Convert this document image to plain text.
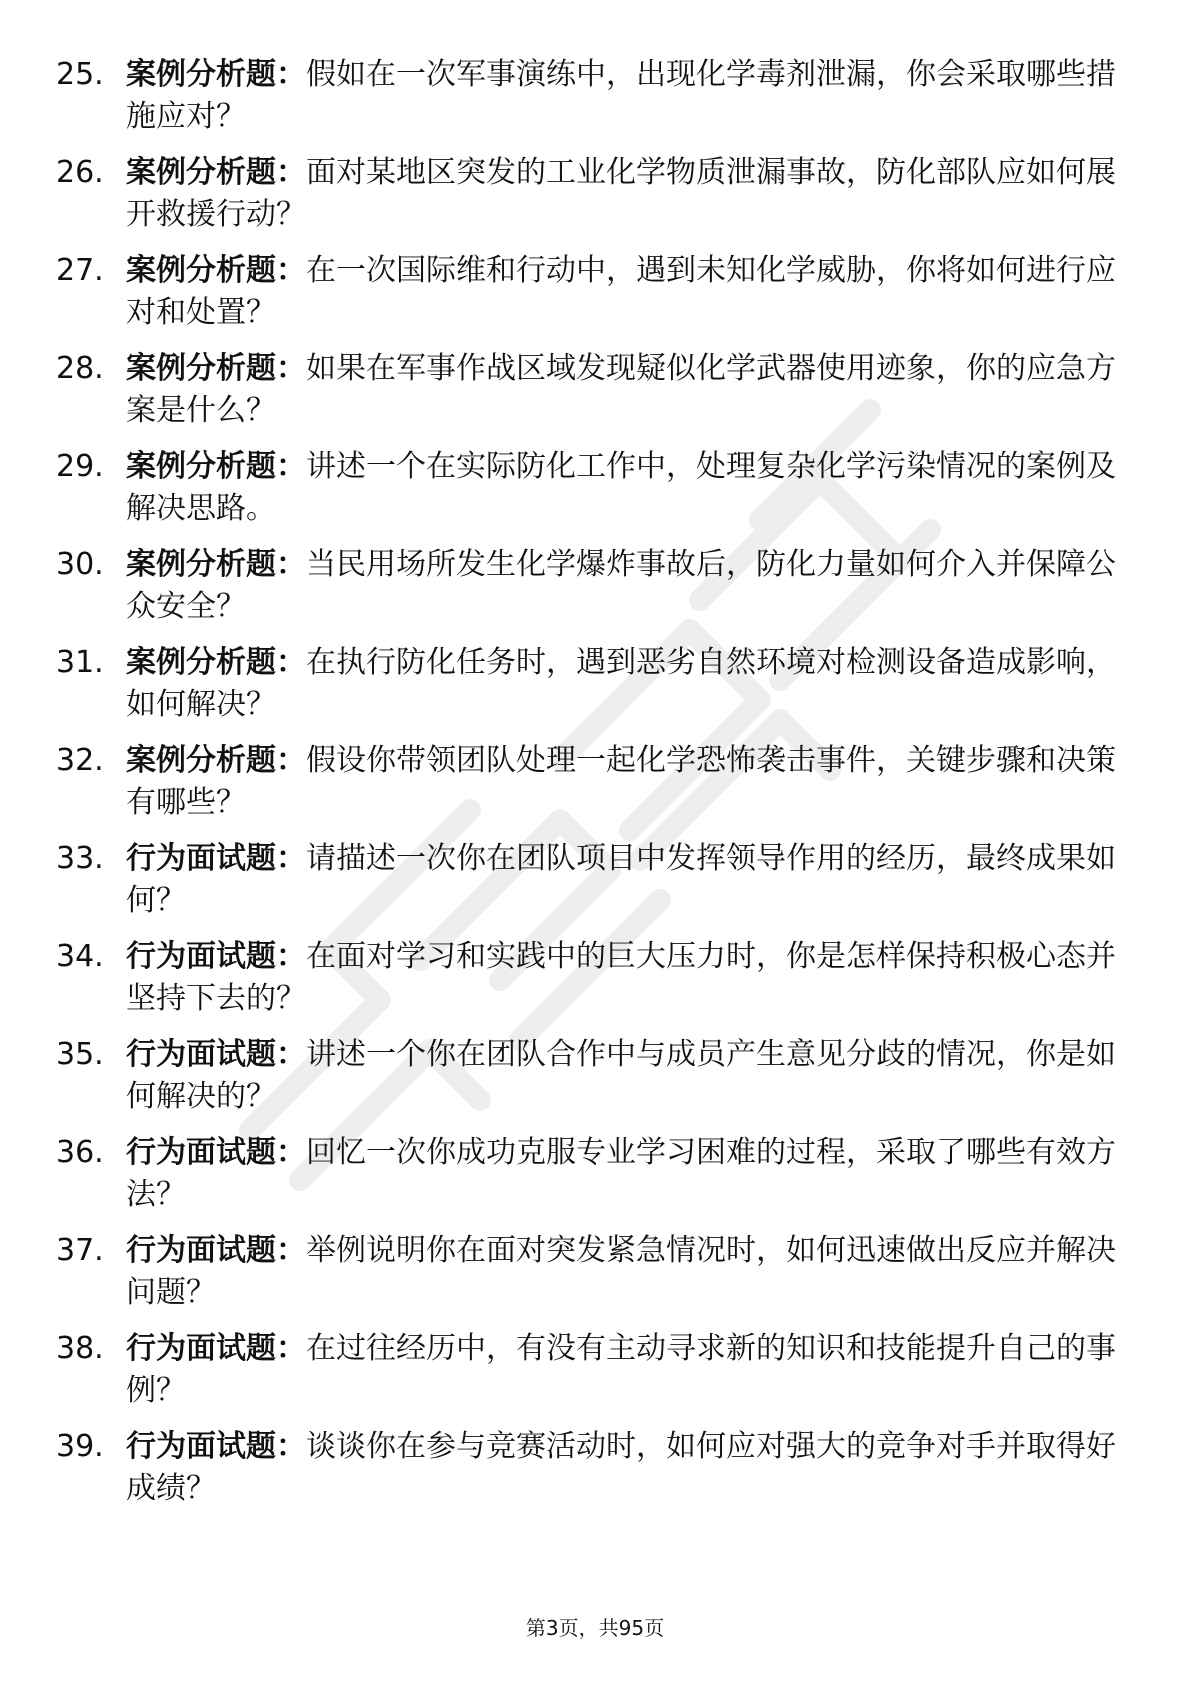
25. 案例分析题：假如在一次军事演练中，出现化学毒剂泄漏，你会采取哪些措施应对？
26. 案例分析题：面对某地区突发的工业化学物质泄漏事故，防化部队应如何展开救援行动？
27. 案例分析题：在一次国际维和行动中，遇到未知化学威胁，你将如何进行应对和处置？
28. 案例分析题：如果在军事作战区域发现疑似化学武器使用迹象，你的应急方案是什么？
29. 案例分析题：讲述一个在实际防化工作中，处理复杂化学污染情况的案例及解决思路。
30. 案例分析题：当民用场所发生化学爆炸事故后，防化力量如何介入并保障公众安全？
31. 案例分析题：在执行防化任务时，遇到恶劣自然环境对检测设备造成影响，如何解决？
32. 案例分析题：假设你带领团队处理一起化学恐怖袭击事件，关键步骤和决策有哪些？
33. 行为面试题：请描述一次你在团队项目中发挥领导作用的经历，最终成果如何？
34. 行为面试题：在面对学习和实践中的巨大压力时，你是怎样保持积极心态并坚持下去的？
35. 行为面试题：讲述一个你在团队合作中与成员产生意见分歧的情况，你是如何解决的？
36. 行为面试题：回忆一次你成功克服专业学习困难的过程，采取了哪些有效方法？
37. 行为面试题：举例说明你在面对突发紧急情况时，如何迅速做出反应并解决问题？
38. 行为面试题：在过往经历中，有没有主动寻求新的知识和技能提升自己的事例？
39. 行为面试题：谈谈你在参与竞赛活动时，如何应对强大的竞争对手并取得好成绩？
第3页，共95页
